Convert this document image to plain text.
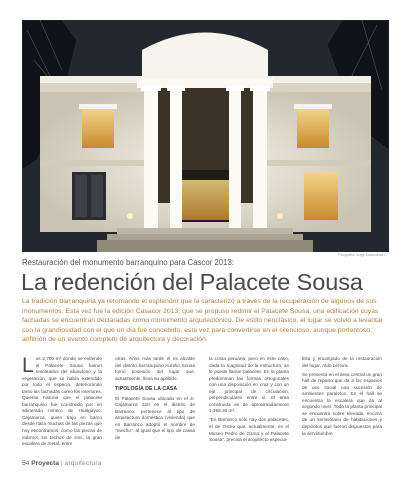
Fotografía: Jorge Salamanca F.

Restauración del monumento barranquino para Cascor 2013:

La redención del Palacete Sousa

La tradición barranquina ya retomando el esplendor que la caracterizó a través de la recuperación de algunos de sus monumentos. Esta vez fue la edición Casacor 2013, que se propuso redimir el Palacete Sousa, una edificación cuyas fachadas se encuentran declaradas como monumento arquitectónico. De estilo neoclásico, el lugar se volvió a levantar con la grandiosidad con el que un día fue concebido, esta vez para convertirse en el silencioso, aunque portentoso, anfitrión de un evento completo de arquitectura y decoración.

Los 2,700 m² donde se extiende el Palacete Sousa fueron rescatados del abandono y la vegetación, que se había extendido por todo el espacio, deteriorando tanto las fachadas como los interiores. Quienla historia que el palacete barranquino fue construido por un adinerado minero de Hualgayoc, Cajamarca, quien trajo en barco desde Italia muchas de las piezas que hoy encontramos, como las piezas de mármol, los techos de zinc, la gran escalera de metal, entre

otras. Años más tarde el ex alcalde del distrito barranquino Aurelio Sousa tomó posesión del lugar que, actualmente, lleva su apellido.

TIPOLOGÍA DE LA CASA

El Palacete Sousa ubicado en el Jr. Cajamarca 220 en el distrito de Barranco, pertenece al tipo de arquitectura doméstica (vivienda) que en Barranco adoptó el nombre de "rancho", al igual que el tipo de casas de

la costa peruana, pero en este caso, dada la magnitud de la estructura, se le puede llamar palacete. En la planta predominan las formas ortogonales con una disposición en cruz y con un eje principal de circulación, perpendiculares entre sí. El área construida es de aproximadamente 1,256.30 m².

"En Barranco sólo hay dos palacetes, el de Osma que, actualmente, es el Museo Pedro de Osma y el Palacete Sousa", precisa el arquitecto especia-

lista y encargado de la restauración del lugar, Aldo Lértora.

Se presenta en el área central un gran hall de reparto que da a los espacios de uso social una sucesión de ambientes paralelos. En el hall se encuentra la escalera que da al segundo nivel. Toda la planta principal se encuentra sobre elevada, encima de un semisótano de habitaciones y depósitos que fueron dispuestos para la servidumbre

54 Proyecta | arquitectura
